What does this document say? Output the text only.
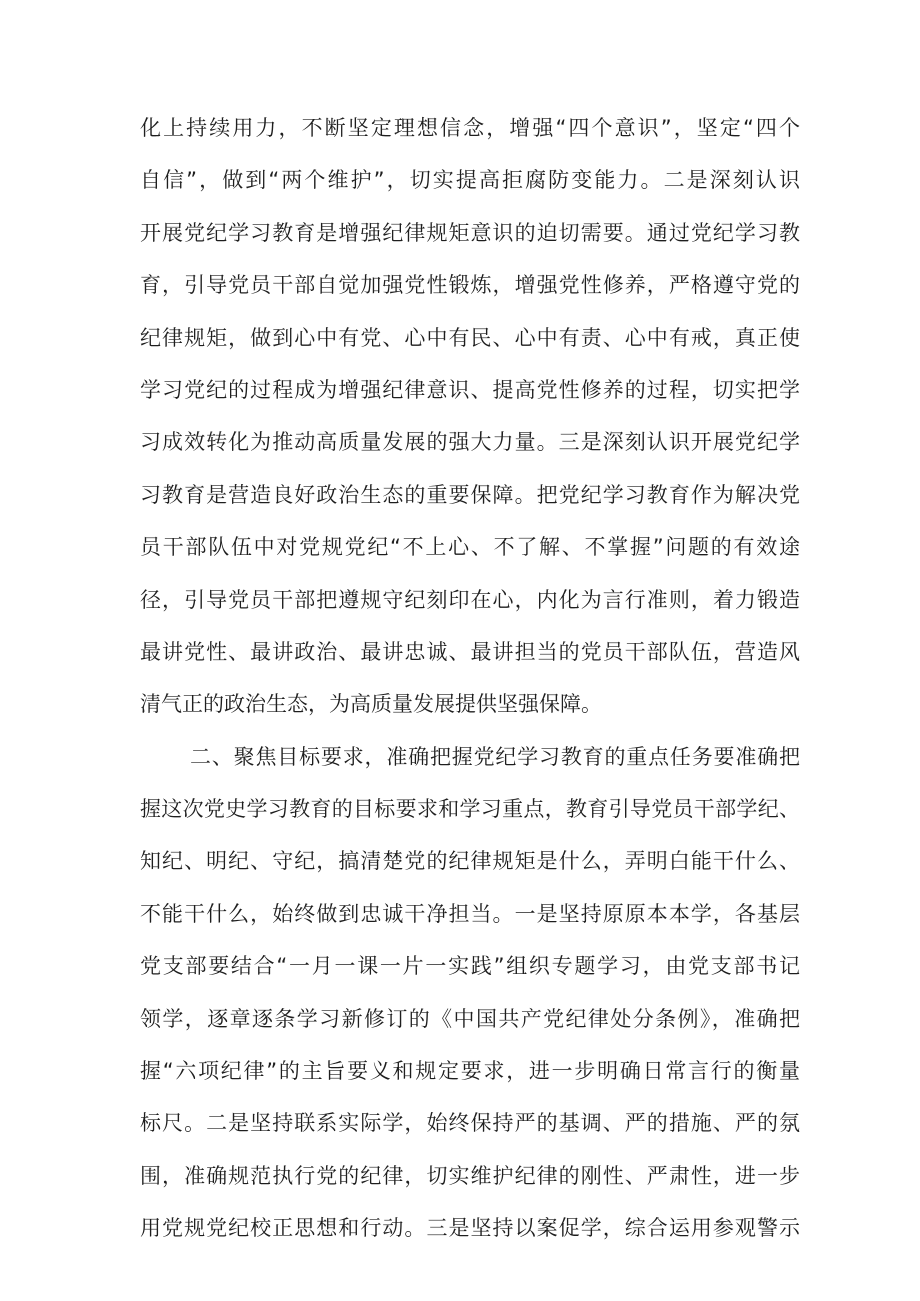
化上持续用力，不断坚定理想信念，增强“四个意识”，坚定“四个
自信”，做到“两个维护”，切实提高拒腐防变能力。二是深刻认识
开展党纪学习教育是增强纪律规矩意识的迫切需要。通过党纪学习教
育，引导党员干部自觉加强党性锻炼，增强党性修养，严格遵守党的
纪律规矩，做到心中有党、心中有民、心中有责、心中有戒，真正使
学习党纪的过程成为增强纪律意识、提高党性修养的过程，切实把学
习成效转化为推动高质量发展的强大力量。三是深刻认识开展党纪学
习教育是营造良好政治生态的重要保障。把党纪学习教育作为解决党
员干部队伍中对党规党纪“不上心、不了解、不掌握”问题的有效途
径，引导党员干部把遵规守纪刻印在心，内化为言行准则，着力锻造
最讲党性、最讲政治、最讲忠诚、最讲担当的党员干部队伍，营造风
清气正的政治生态，为高质量发展提供坚强保障。
二、聚焦目标要求，准确把握党纪学习教育的重点任务要准确把
握这次党史学习教育的目标要求和学习重点，教育引导党员干部学纪、
知纪、明纪、守纪，搞清楚党的纪律规矩是什么，弄明白能干什么、
不能干什么，始终做到忠诚干净担当。一是坚持原原本本学，各基层
党支部要结合“一月一课一片一实践”组织专题学习，由党支部书记
领学，逐章逐条学习新修订的《中国共产党纪律处分条例》，准确把
握“六项纪律”的主旨要义和规定要求，进一步明确日常言行的衡量
标尺。二是坚持联系实际学，始终保持严的基调、严的措施、严的氛
围，准确规范执行党的纪律，切实维护纪律的刚性、严肃性，进一步
用党规党纪校正思想和行动。三是坚持以案促学，综合运用参观警示
